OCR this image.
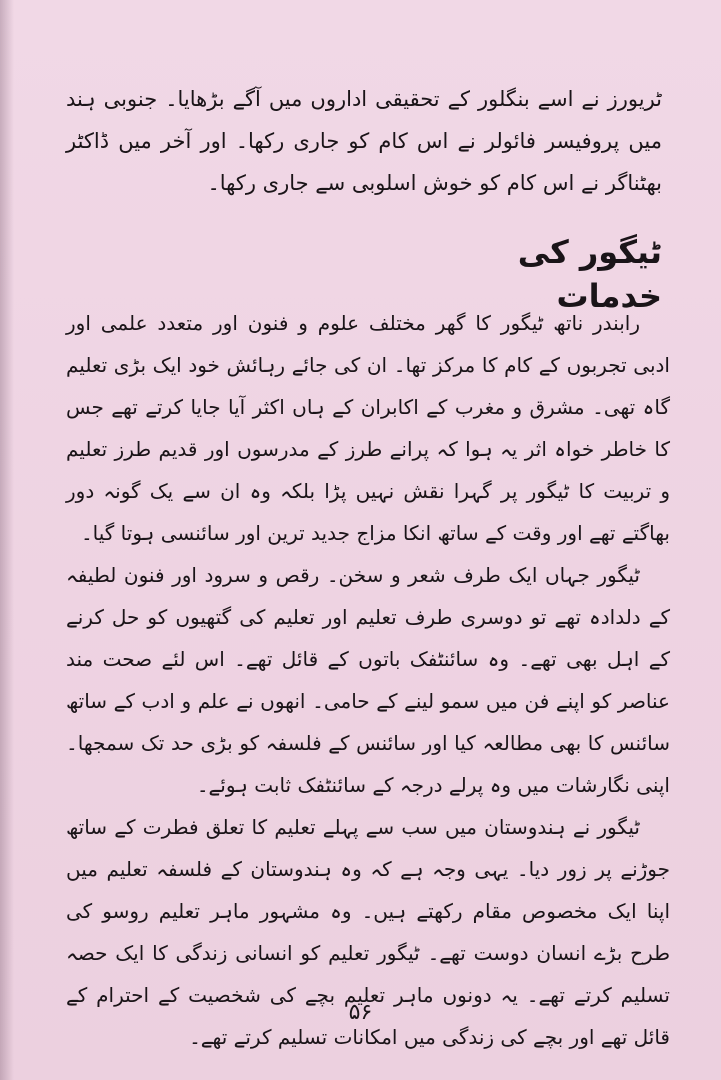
ٹریورز نے اسے بنگلور کے تحقیقی اداروں میں آگے بڑھایا۔ جنوبی ہند میں پروفیسر فائولر نے اس کام کو جاری رکھا۔ اور آخر میں ڈاکٹر بھٹناگر نے اس کام کو خوش اسلوبی سے جاری رکھا۔

ٹیگور کی خدمات

رابندر ناتھ ٹیگور کا گھر مختلف علوم و فنون اور متعدد علمی اور ادبی تجربوں کے کام کا مرکز تھا۔ ان کی جائے رہائش خود ایک بڑی تعلیم گاہ تھی۔ مشرق و مغرب کے اکابران کے ہاں اکثر آیا جایا کرتے تھے جس کا خاطر خواہ اثر یہ ہوا کہ پرانے طرز کے مدرسوں اور قدیم طرز تعلیم و تربیت کا ٹیگور پر گہرا نقش نہیں پڑا بلکہ وہ ان سے یک گونہ دور بھاگتے تھے اور وقت کے ساتھ انکا مزاج جدید ترین اور سائنسی ہوتا گیا۔

ٹیگور جہاں ایک طرف شعر و سخن۔ رقص و سرود اور فنون لطیفہ کے دلدادہ تھے تو دوسری طرف تعلیم اور تعلیم کی گتھیوں کو حل کرنے کے اہل بھی تھے۔ وہ سائنٹفک باتوں کے قائل تھے۔ اس لئے صحت مند عناصر کو اپنے فن میں سمو لینے کے حامی۔ انھوں نے علم و ادب کے ساتھ سائنس کا بھی مطالعہ کیا اور سائنس کے فلسفہ کو بڑی حد تک سمجھا۔ اپنی نگارشات میں وہ پرلے درجہ کے سائنٹفک ثابت ہوئے۔

ٹیگور نے ہندوستان میں سب سے پہلے تعلیم کا تعلق فطرت کے ساتھ جوڑنے پر زور دیا۔ یہی وجہ ہے کہ وہ ہندوستان کے فلسفہ تعلیم میں اپنا ایک مخصوص مقام رکھتے ہیں۔ وہ مشہور ماہر تعلیم روسو کی طرح بڑے انسان دوست تھے۔ ٹیگور تعلیم کو انسانی زندگی کا ایک حصہ تسلیم کرتے تھے۔ یہ دونوں ماہر تعلیم بچے کی شخصیت کے احترام کے قائل تھے اور بچے کی زندگی میں امکانات تسلیم کرتے تھے۔

۵۶
